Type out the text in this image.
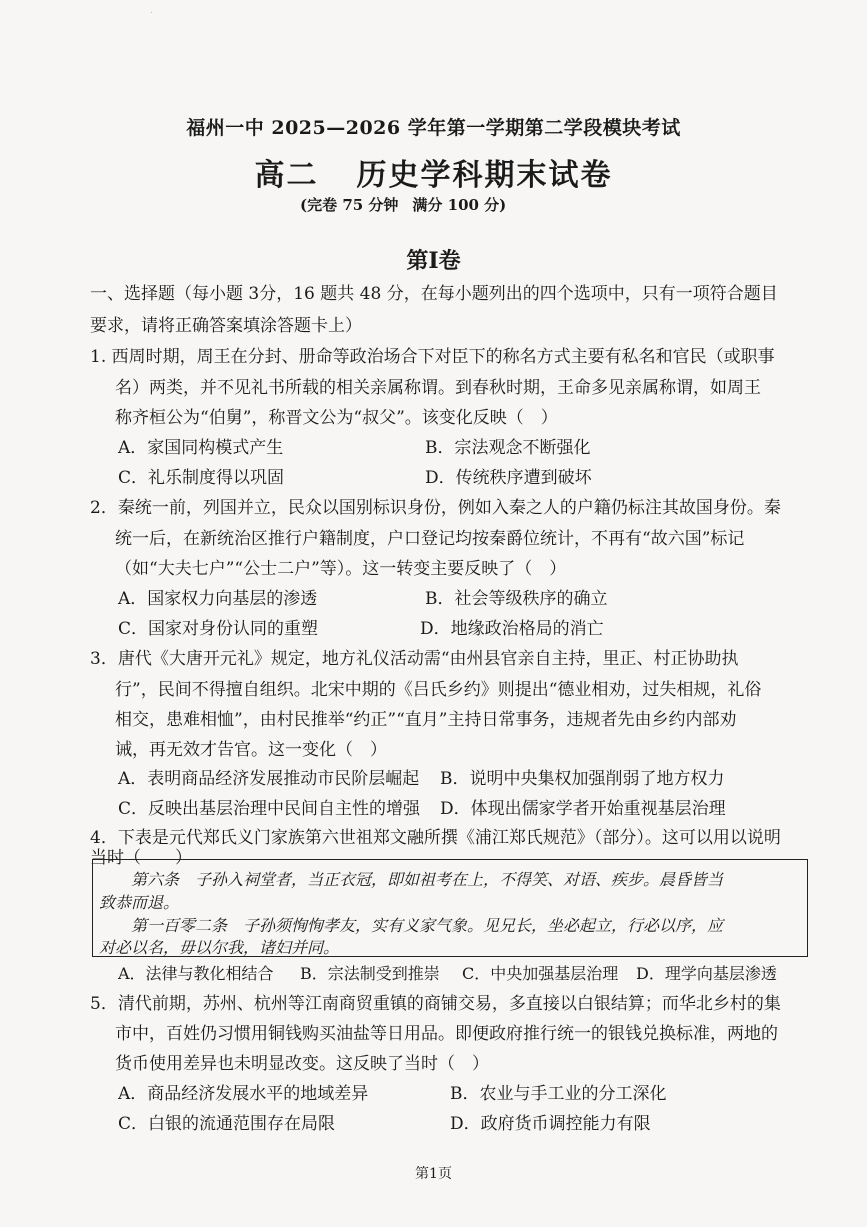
·
福州一中 2025—2026 学年第一学期第二学段模块考试
高二 历史学科期末试卷
(完卷 75 分钟 满分 100 分)
第Ⅰ卷
一、选择题（每小题 3分，16 题共 48 分，在每小题列出的四个选项中，只有一项符合题目
要求，请将正确答案填涂答题卡上）
1. 西周时期，周王在分封、册命等政治场合下对臣下的称名方式主要有私名和官民（或职事
名）两类，并不见礼书所载的相关亲属称谓。到春秋时期，王命多见亲属称谓，如周王
称齐桓公为“伯舅”，称晋文公为“叔父”。该变化反映（　）
A．家国同构模式产生	B．宗法观念不断强化
C．礼乐制度得以巩固	D．传统秩序遭到破坏
2．秦统一前，列国并立，民众以国别标识身份，例如入秦之人的户籍仍标注其故国身份。秦
统一后，在新统治区推行户籍制度，户口登记均按秦爵位统计，不再有“故六国”标记
（如“大夫七户”“公士二户”等）。这一转变主要反映了（　）
A．国家权力向基层的渗透	B．社会等级秩序的确立
C．国家对身份认同的重塑	D．地缘政治格局的消亡
3．唐代《大唐开元礼》规定，地方礼仪活动需“由州县官亲自主持，里正、村正协助执
行”，民间不得擅自组织。北宋中期的《吕氏乡约》则提出“德业相劝，过失相规，礼俗
相交，患难相恤”，由村民推举“约正”“直月”主持日常事务，违规者先由乡约内部劝
诫，再无效才告官。这一变化（　）
A．表明商品经济发展推动市民阶层崛起 B．说明中央集权加强削弱了地方权力
C．反映出基层治理中民间自主性的增强 D．体现出儒家学者开始重视基层治理
4．下表是元代郑氏义门家族第六世祖郑文融所撰《浦江郑氏规范》（部分）。这可以用以说明
当时（　　）
第六条　子孙入祠堂者，当正衣冠，即如祖考在上，不得笑、对语、疾步。晨昏皆当
致恭而退。
第一百零二条　子孙须恂恂孝友，实有义家气象。见兄长，坐必起立，行必以序，应
对必以名，毋以尔我，诸妇并同。
A．法律与教化相结合 B．宗法制受到推崇 C．中央加强基层治理 D．理学向基层渗透
5．清代前期，苏州、杭州等江南商贸重镇的商铺交易，多直接以白银结算；而华北乡村的集
市中，百姓仍习惯用铜钱购买油盐等日用品。即便政府推行统一的银钱兑换标准，两地的
货币使用差异也未明显改变。这反映了当时（　）
A．商品经济发展水平的地域差异	B．农业与手工业的分工深化
C．白银的流通范围存在局限	D．政府货币调控能力有限
第1页
